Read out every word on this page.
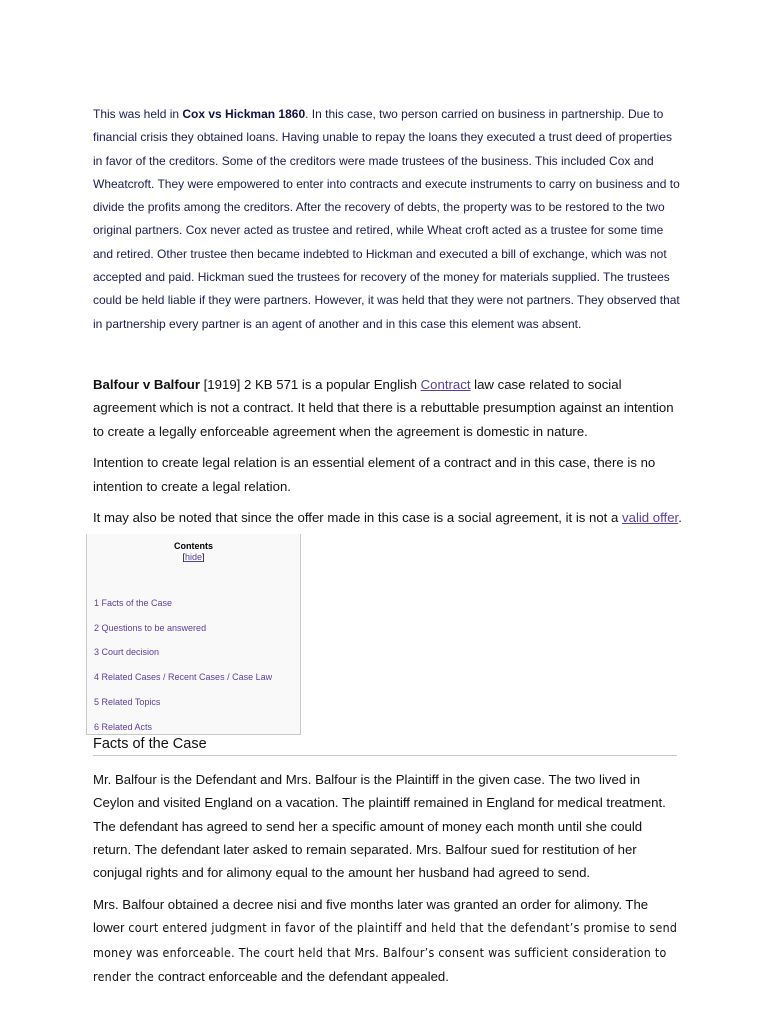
This was held in Cox vs Hickman 1860. In this case, two person carried on business in partnership. Due to financial crisis they obtained loans. Having unable to repay the loans they executed a trust deed of properties in favor of the creditors. Some of the creditors were made trustees of the business. This included Cox and Wheatcroft. They were empowered to enter into contracts and execute instruments to carry on business and to divide the profits among the creditors. After the recovery of debts, the property was to be restored to the two original partners. Cox never acted as trustee and retired, while Wheat croft acted as a trustee for some time and retired. Other trustee then became indebted to Hickman and executed a bill of exchange, which was not accepted and paid. Hickman sued the trustees for recovery of the money for materials supplied. The trustees could be held liable if they were partners. However, it was held that they were not partners. They observed that in partnership every partner is an agent of another and in this case this element was absent.

Balfour v Balfour [1919] 2 KB 571 is a popular English Contract law case related to social agreement which is not a contract. It held that there is a rebuttable presumption against an intention to create a legally enforceable agreement when the agreement is domestic in nature.

Intention to create legal relation is an essential element of a contract and in this case, there is no intention to create a legal relation.

It may also be noted that since the offer made in this case is a social agreement, it is not a valid offer.

Contents
[hide]
1 Facts of the Case
2 Questions to be answered
3 Court decision
4 Related Cases / Recent Cases / Case Law
5 Related Topics
6 Related Acts
Facts of the Case

Mr. Balfour is the Defendant and Mrs. Balfour is the Plaintiff in the given case. The two lived in Ceylon and visited England on a vacation. The plaintiff remained in England for medical treatment. The defendant has agreed to send her a specific amount of money each month until she could return. The defendant later asked to remain separated. Mrs. Balfour sued for restitution of her conjugal rights and for alimony equal to the amount her husband had agreed to send.

Mrs. Balfour obtained a decree nisi and five months later was granted an order for alimony. The lower court entered judgment in favor of the plaintiff and held that the defendant’s promise to send money was enforceable. The court held that Mrs. Balfour’s consent was sufficient consideration to render the contract enforceable and the defendant appealed.
